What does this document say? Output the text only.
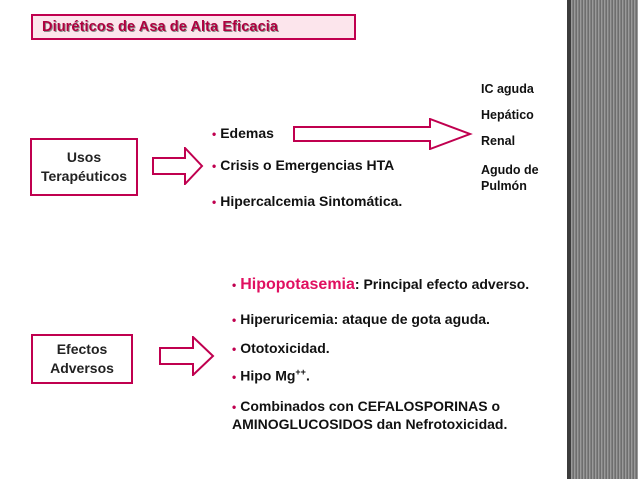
Diuréticos de Asa de Alta Eficacia
Usos
Terapéuticos
• Edemas
• Crisis o Emergencias HTA
• Hipercalcemia Sintomática.
IC aguda
Hepático
Renal
Agudo de
Pulmón
Efectos
Adversos
• Hipopotasemia: Principal efecto adverso.
• Hiperuricemia: ataque de gota aguda.
• Ototoxicidad.
• Hipo Mg++.
• Combinados con CEFALOSPORINAS o
AMINOGLUCOSIDOS dan Nefrotoxicidad.
